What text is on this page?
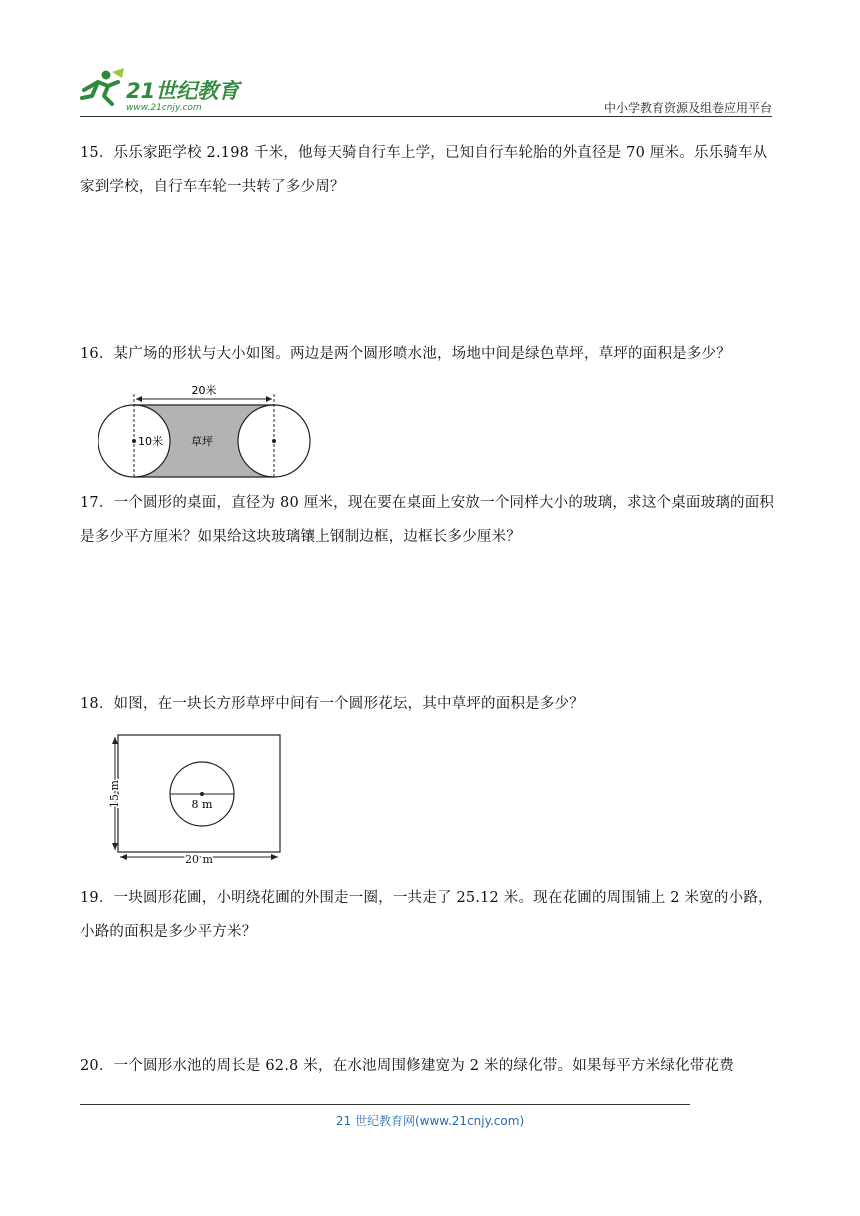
21世纪教育
www.21cnjy.com	中小学教育资源及组卷应用平台
15．乐乐家距学校 2.198 千米，他每天骑自行车上学，已知自行车轮胎的外直径是 70 厘米。乐乐骑车从家到学校，自行车车轮一共转了多少周？
16．某广场的形状与大小如图。两边是两个圆形喷水池，场地中间是绿色草坪，草坪的面积是多少？
20米
10米	草坪
17．一个圆形的桌面，直径为 80 厘米，现在要在桌面上安放一个同样大小的玻璃，求这个桌面玻璃的面积是多少平方厘米？如果给这块玻璃镶上钢制边框，边框长多少厘米？
18．如图，在一块长方形草坪中间有一个圆形花坛，其中草坪的面积是多少？
8 m
20 m
15 m
19．一块圆形花圃，小明绕花圃的外围走一圈，一共走了 25.12 米。现在花圃的周围铺上 2 米宽的小路，小路的面积是多少平方米？
20．一个圆形水池的周长是 62.8 米，在水池周围修建宽为 2 米的绿化带。如果每平方米绿化带花费
21 世纪教育网(www.21cnjy.com)
